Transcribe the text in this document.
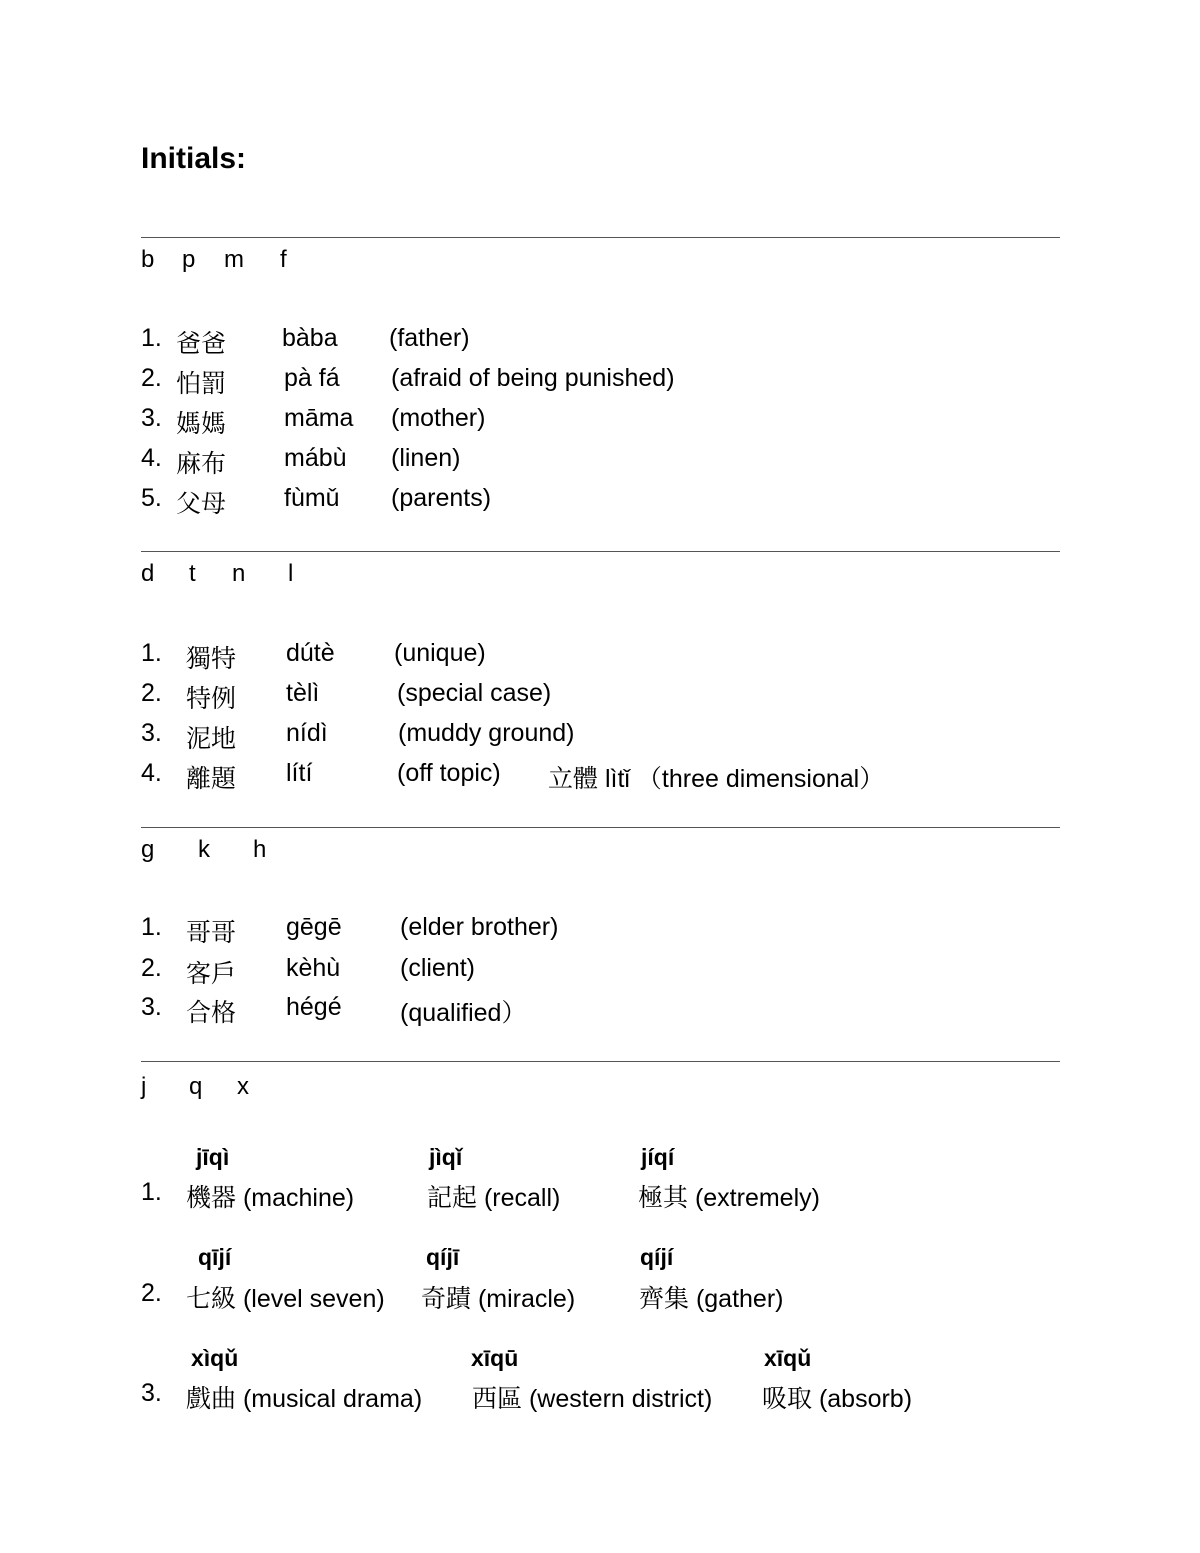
Initials:
b p m f
1. 爸爸 bàba (father)
2. 怕罰 pà fá (afraid of being punished)
3. 媽媽 māma (mother)
4. 麻布 mábù (linen)
5. 父母 fùmǔ (parents)
d t n l
1. 獨特 dútè (unique)
2. 特例 tèlì	(special case)
3. 泥地 nídì	(muddy ground)
4. 離題 lítí	(off topic) 立體 lìtǐ （three dimensional）
g k h
1. 哥哥 gēgē (elder brother)
2. 客戶 kèhù (client)
3. 合格 hégé (qualified）
j q x
jīqì	jìqǐ	jíqí
1. 機器 (machine)	記起 (recall)	極其 (extremely)
qījí	qíjī	qíjí
2. 七級 (level seven) 奇蹟 (miracle)	齊集 (gather)
xìqǔ	xīqū	xīqǔ
3. 戲曲 (musical drama) 西區 (western district) 吸取 (absorb)
